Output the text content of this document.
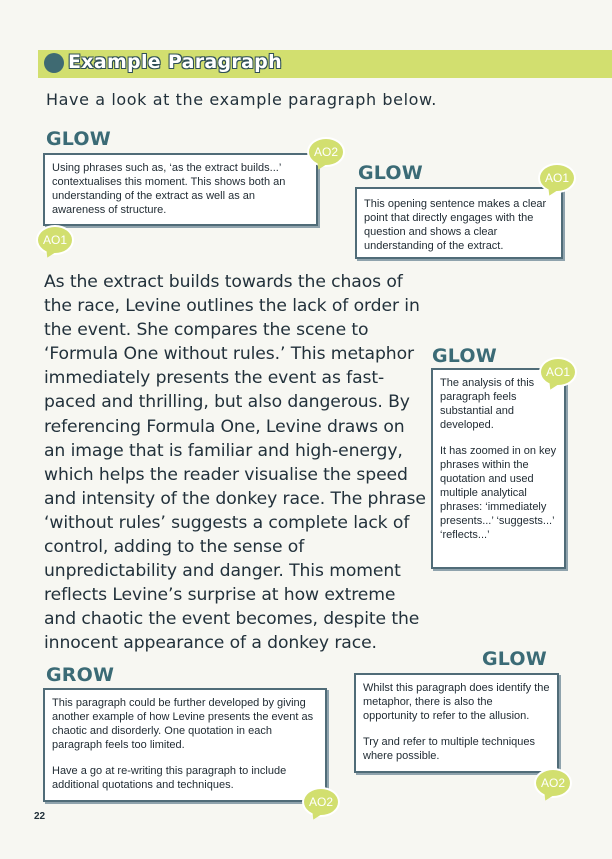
Example Paragraph
Have a look at the example paragraph below.
GLOW

Using phrases such as, ‘as the extract builds...’ contextualises this moment. This shows both an understanding of the extract as well as an awareness of structure.

AO2
AO1
GLOW

This opening sentence makes a clear point that directly engages with the question and shows a clear understanding of the extract.

AO1
As the extract builds towards the chaos of the race, Levine outlines the lack of order in the event. She compares the scene to ‘Formula One without rules.’ This metaphor immediately presents the event as fast-paced and thrilling, but also dangerous. By referencing Formula One, Levine draws on an image that is familiar and high-energy, which helps the reader visualise the speed and intensity of the donkey race. The phrase ‘without rules’ suggests a complete lack of control, adding to the sense of unpredictability and danger. This moment reflects Levine’s surprise at how extreme and chaotic the event becomes, despite the innocent appearance of a donkey race.
GLOW

The analysis of this paragraph feels substantial and developed.

It has zoomed in on key phrases within the quotation and used multiple analytical phrases: ‘immediately presents...’ ‘suggests...’ ‘reflects...’

AO1
GROW

This paragraph could be further developed by giving another example of how Levine presents the event as chaotic and disorderly. One quotation in each paragraph feels too limited.

Have a go at re-writing this paragraph to include additional quotations and techniques.

AO2
GLOW

Whilst this paragraph does identify the metaphor, there is also the opportunity to refer to the allusion.

Try and refer to multiple techniques where possible.

AO2
22
